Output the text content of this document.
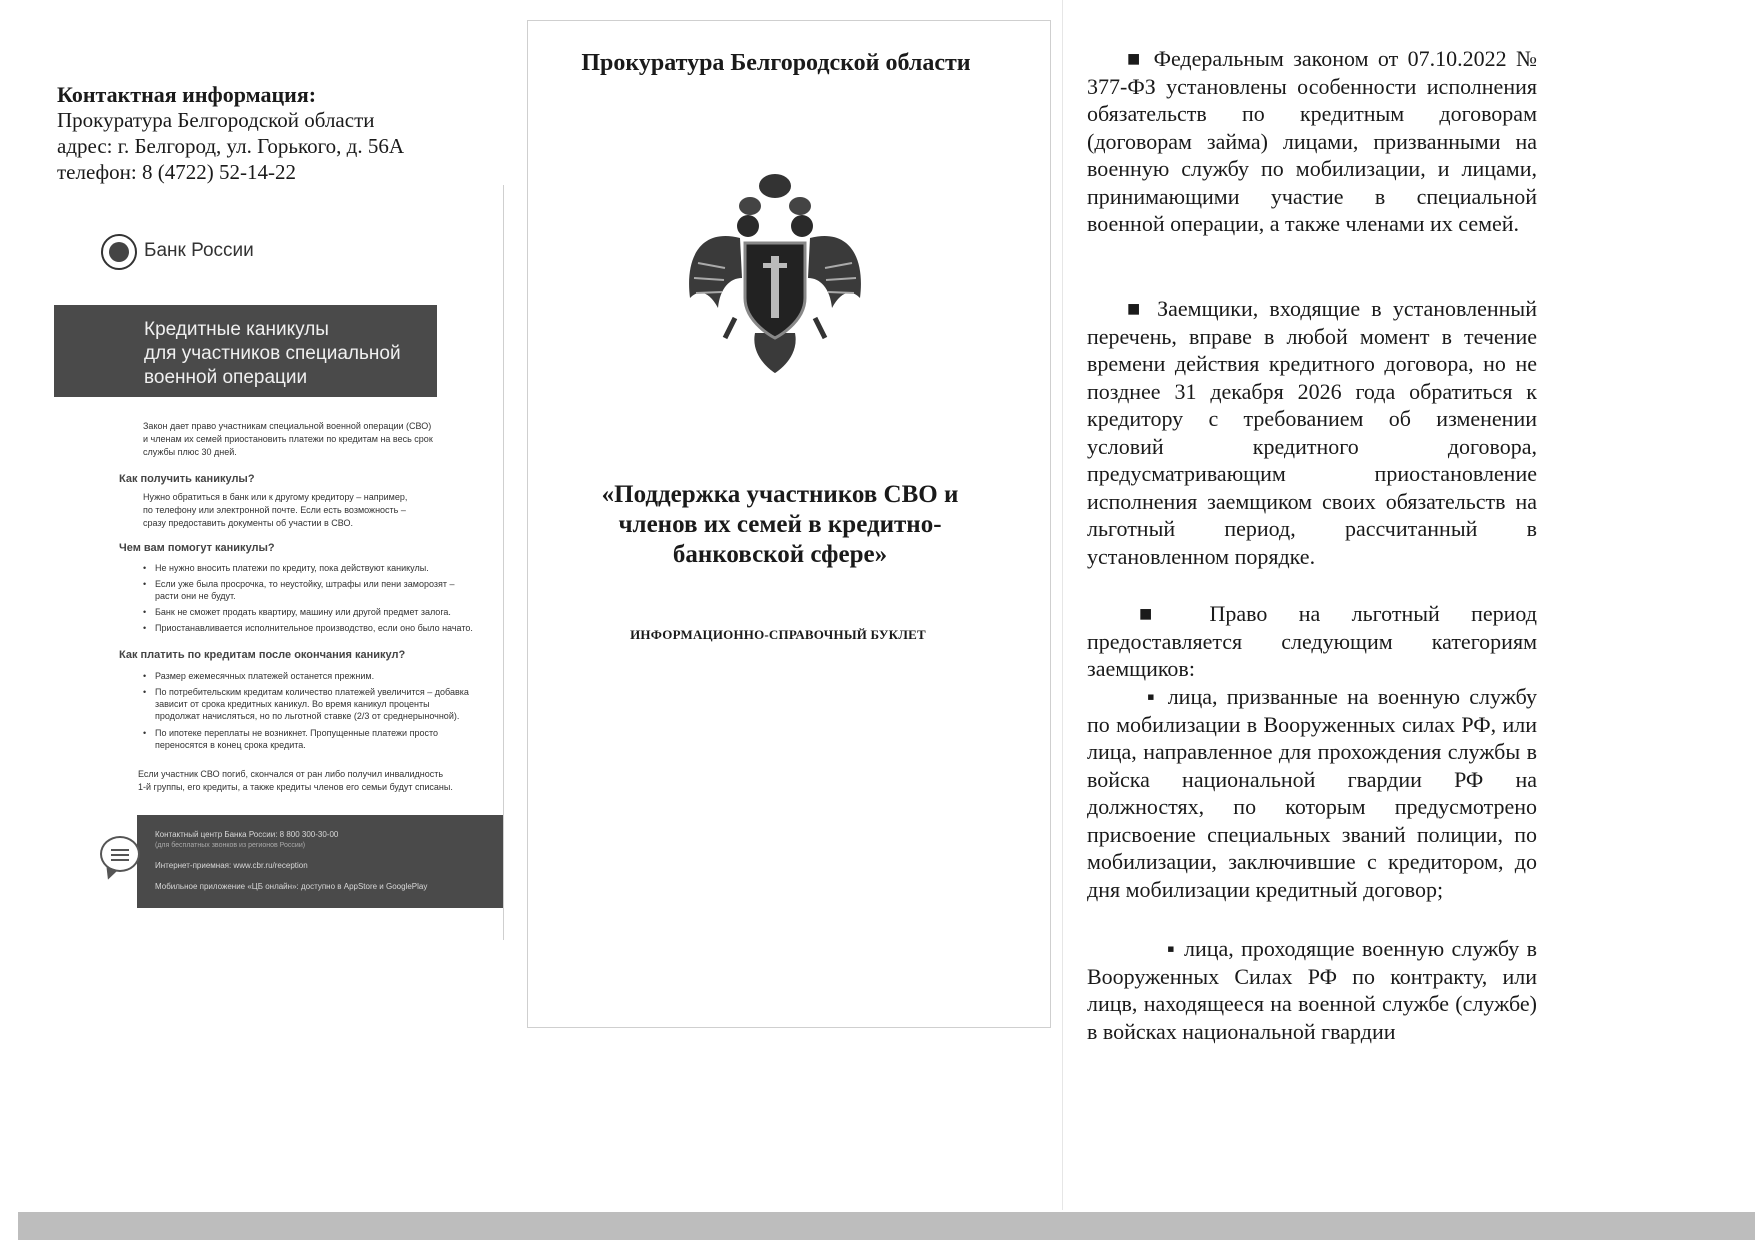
Контактная информация:
Прокуратура Белгородской области
адрес: г. Белгород, ул. Горького, д. 56А
телефон: 8 (4722) 52-14-22
Банк России
Кредитные каникулы
для участников специальной
военной операции
Закон дает право участникам специальной военной операции (СВО)
и членам их семей приостановить платежи по кредитам на весь срок
службы плюс 30 дней.
Как получить каникулы?
Нужно обратиться в банк или к другому кредитору – например,
по телефону или электронной почте. Если есть возможность –
сразу предоставить документы об участии в СВО.
Чем вам помогут каникулы?
• Не нужно вносить платежи по кредиту, пока действуют каникулы.
• Если уже была просрочка, то неустойку, штрафы или пени заморозят –
расти они не будут.
• Банк не сможет продать квартиру, машину или другой предмет залога.
• Приостанавливается исполнительное производство, если оно было начато.
Как платить по кредитам после окончания каникул?
• Размер ежемесячных платежей останется прежним.
• По потребительским кредитам количество платежей увеличится – добавка
зависит от срока кредитных каникул. Во время каникул проценты
продолжат начисляться, но по льготной ставке (2/3 от среднерыночной).
• По ипотеке переплаты не возникнет. Пропущенные платежи просто
переносятся в конец срока кредита.
Если участник СВО погиб, скончался от ран либо получил инвалидность
1-й группы, его кредиты, а также кредиты членов его семьи будут списаны.
Контактный центр Банка России: 8 800 300-30-00
(для бесплатных звонков из регионов России)
Интернет-приемная: www.cbr.ru/reception
Мобильное приложение «ЦБ онлайн»: доступно в AppStore и GooglePlay
Прокуратура Белгородской области
«Поддержка участников СВО и
членов их семей в кредитно-
банковской сфере»
ИНФОРМАЦИОННО-СПРАВОЧНЫЙ БУКЛЕТ
■ Федеральным законом от 07.10.2022 № 377-ФЗ установлены особенности исполнения обязательств по кредитным договорам (договорам займа) лицами, призванными на военную службу по мобилизации, и лицами, принимающими участие в специальной военной операции, а также членами их семей.
■ Заемщики, входящие в установленный перечень, вправе в любой момент в течение времени действия кредитного договора, но не позднее 31 декабря 2026 года обратиться к кредитору с требованием об изменении условий кредитного договора, предусматривающим приостановление исполнения заемщиком своих обязательств на льготный период, рассчитанный в установленном порядке.
■ Право на льготный период предоставляется следующим категориям заемщиков:
▪ лица, призванные на военную службу по мобилизации в Вооруженных силах РФ, или лица, направленное для прохождения службы в войска национальной гвардии РФ на должностях, по которым предусмотрено присвоение специальных званий полиции, по мобилизации, заключившие с кредитором, до дня мобилизации кредитный договор;
▪ лица, проходящие военную службу в Вооруженных Силах РФ по контракту, или лицв, находящееся на военной службе (службе) в войсках национальной гвардии
